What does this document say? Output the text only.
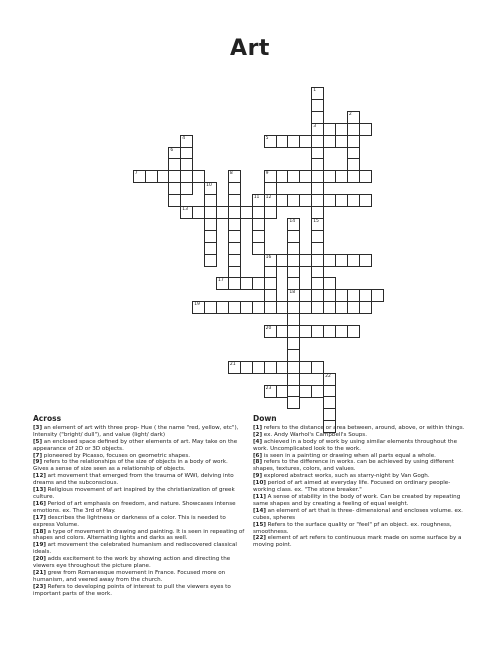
Art
1
2
3
4	5
6
7	8	9
10
11 12
13
14	15
16
17
18
19
20
21
22
23
Across

[3] an element of art with three prop- Hue ( the name "red, yellow, etc"), Intensity ("bright/ dull"), and value (light/ dark)

[5] an enclosed space defined by other elements of art. May take on the appearance of 2D or 3D objects.

[7] pioneered by Picasso, focuses on geometric shapes.

[9] refers to the relationships of the size of objects in a body of work. Gives a sense of size seen as a relationship of objects.

[12] art movement that emerged from the trauma of WWI, delving into dreams and the subconscious.

[13] Religious movement of art inspired by the christianization of greek culture.

[16] Period of art emphasis on freedom, and nature. Showcases intense emotions. ex. The 3rd of May.

[17] describes the lightness or darkness of a color. This is needed to express Volume.

[18] a type of movement in drawing and painting. It is seen in repeating of shapes and colors. Alternating lights and darks as well.

[19] art movement the celebrated humanism and rediscovered classical ideals.

[20] adds excitement to the work by showing action and directing the viewers eye throughout the picture plane.

[21] grew from Romanesque movement in France. Focused more on humanism, and veered away from the church.

[23] Refers to developing points of interest to pull the viewers eyes to important parts of the work.

Down

[1] refers to the distance or area between, around, above, or within things.

[2] ex. Andy Warhol's Campbell's Soups.

[4] achieved in a body of work by using similar elements throughout the work. Uncomplicated look to the work.

[6] is seen in a painting or drawing when all parts equal a whole.

[8] refers to the difference in works. can be achieved by using different shapes, textures, colors, and values.

[9] explored abstract works, such as starry-night by Van Gogh.

[10] period of art aimed at everyday life. Focused on ordinary people- working class. ex. "The stone breaker."

[11] A sense of stability in the body of work. Can be created by repeating same shapes and by creating a feeling of equal weight.

[14] an element of art that is three- dimensional and encloses volume. ex. cubes, spheres

[15] Refers to the surface quality or "feel" pf an object. ex. roughness, smoothness.

[22] element of art refers to continuous mark made on some surface by a moving point.
